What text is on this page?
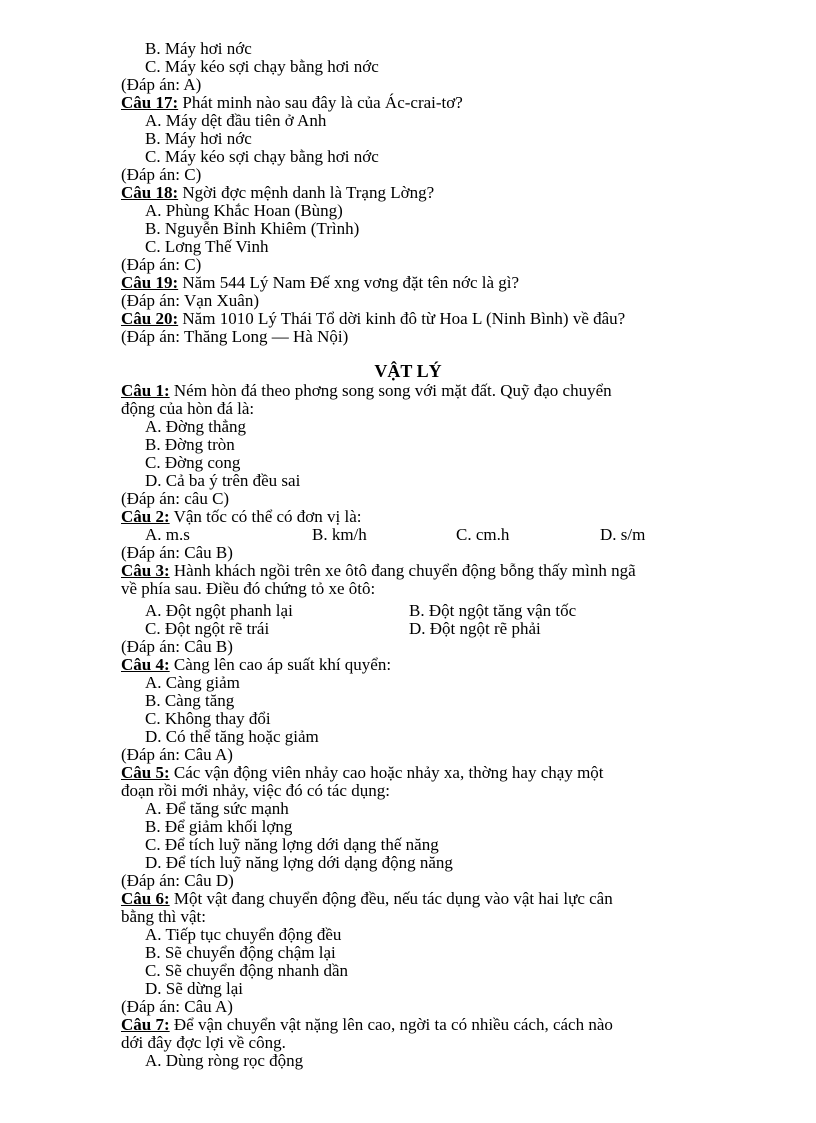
B. Máy hơi nớc
C. Máy kéo sợi chạy bằng hơi nớc
(Đáp án: A)
Câu 17: Phát minh nào sau đây là của Ác-crai-tơ?
A. Máy dệt đầu tiên ở Anh
B. Máy hơi nớc
C. Máy kéo sợi chạy bằng hơi nớc
(Đáp án: C)
Câu 18: Ngời đợc mệnh danh là Trạng Lờng?
A. Phùng Khắc Hoan (Bùng)
B. Nguyễn Bỉnh Khiêm (Trình)
C. Lơng Thế Vinh
(Đáp án: C)
Câu 19: Năm 544 Lý Nam Đế xng vơng đặt tên nớc là gì?
(Đáp án: Vạn Xuân)
Câu 20: Năm 1010 Lý Thái Tổ dời kinh đô từ Hoa L (Ninh Bình) về đâu?
(Đáp án: Thăng Long — Hà Nội)
VẬT LÝ
Câu 1: Ném hòn đá theo phơng song song với mặt đất. Quỹ đạo chuyển
động của hòn đá là:
A. Đờng thẳng
B. Đờng tròn
C. Đờng cong
D. Cả ba ý trên đều sai
(Đáp án: câu C)
Câu 2: Vận tốc có thể có đơn vị là:
A. m.s	B. km/h	C. cm.h	D. s/m
(Đáp án: Câu B)
Câu 3: Hành khách ngồi trên xe ôtô đang chuyển động bỗng thấy mình ngã
về phía sau. Điều đó chứng tỏ xe ôtô:
A. Đột ngột phanh lại	B. Đột ngột tăng vận tốc
C. Đột ngột rẽ trái	D. Đột ngột rẽ phải
(Đáp án: Câu B)
Câu 4: Càng lên cao áp suất khí quyển:
A. Càng giảm
B. Càng tăng
C. Không thay đổi
D. Có thể tăng hoặc giảm
(Đáp án: Câu A)
Câu 5: Các vận động viên nhảy cao hoặc nhảy xa, thờng hay chạy một
đoạn rồi mới nhảy, việc đó có tác dụng:
A. Để tăng sức mạnh
B. Để giảm khối lợng
C. Để tích luỹ năng lợng dới dạng thế năng
D. Để tích luỹ năng lợng dới dạng động năng
(Đáp án: Câu D)
Câu 6: Một vật đang chuyển động đều, nếu tác dụng vào vật hai lực cân
bằng thì vật:
A. Tiếp tục chuyển động đều
B. Sẽ chuyển động chậm lại
C. Sẽ chuyển động nhanh dần
D. Sẽ dừng lại
(Đáp án: Câu A)
Câu 7: Để vận chuyển vật nặng lên cao, ngời ta có nhiều cách, cách nào
dới đây đợc lợi về công.
A. Dùng ròng rọc động
